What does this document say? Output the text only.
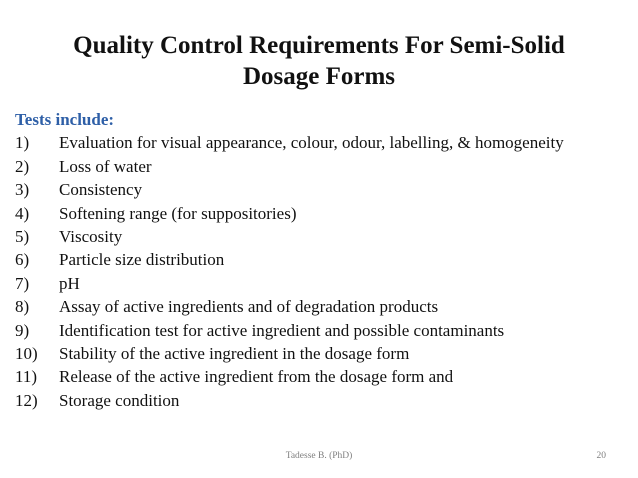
Quality Control Requirements For Semi-Solid
Dosage Forms
Tests include:
1)	Evaluation for visual appearance, colour, odour, labelling, & homogeneity
2)	Loss of water
3)	Consistency
4)	Softening range (for suppositories)
5)	Viscosity
6)	Particle size distribution
7)	pH
8)	Assay of active ingredients and of degradation products
9)	Identification test for active ingredient and possible contaminants
10)	Stability of the active ingredient in the dosage form
11)	Release of the active ingredient from the dosage form and
12)	Storage condition
Tadesse B. (PhD)	20
